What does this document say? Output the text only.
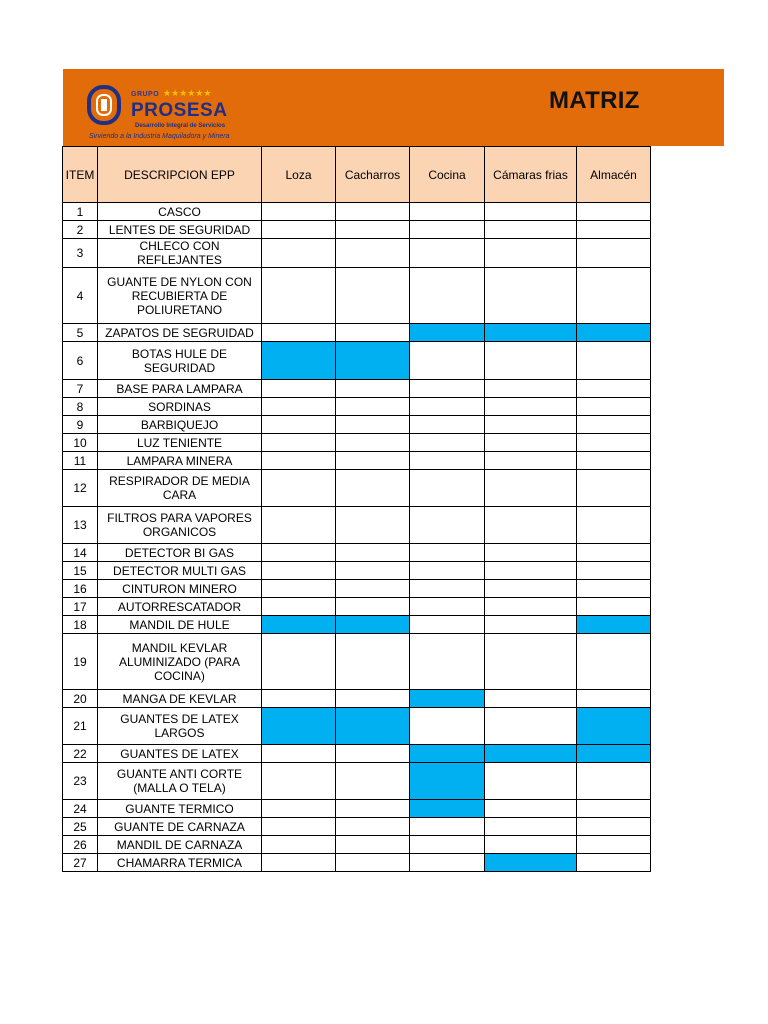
GRUPO ★★★★★★
PROSESA
Desarrollo Integral de Servicios
Sirviendo a la Industria Maquiladora y Minera
MATRIZ
ITEM	DESCRIPCION EPP	Loza	Cacharros	Cocina	Cámaras frias	Almacén
1	CASCO					
2	LENTES DE SEGURIDAD					
3	CHLECO CON REFLEJANTES					
4	GUANTE DE NYLON CON RECUBIERTA DE POLIURETANO					
5	ZAPATOS DE SEGRUIDAD					
6	BOTAS HULE DE SEGURIDAD					
7	BASE PARA LAMPARA					
8	SORDINAS					
9	BARBIQUEJO					
10	LUZ TENIENTE					
11	LAMPARA MINERA					
12	RESPIRADOR DE MEDIA CARA					
13	FILTROS PARA VAPORES ORGANICOS					
14	DETECTOR BI GAS					
15	DETECTOR MULTI GAS					
16	CINTURON MINERO					
17	AUTORRESCATADOR					
18	MANDIL DE HULE					
19	MANDIL KEVLAR ALUMINIZADO (PARA COCINA)					
20	MANGA DE KEVLAR					
21	GUANTES DE LATEX LARGOS					
22	GUANTES DE LATEX					
23	GUANTE ANTI CORTE (MALLA O TELA)					
24	GUANTE TERMICO					
25	GUANTE DE CARNAZA					
26	MANDIL DE CARNAZA					
27	CHAMARRA TERMICA					
